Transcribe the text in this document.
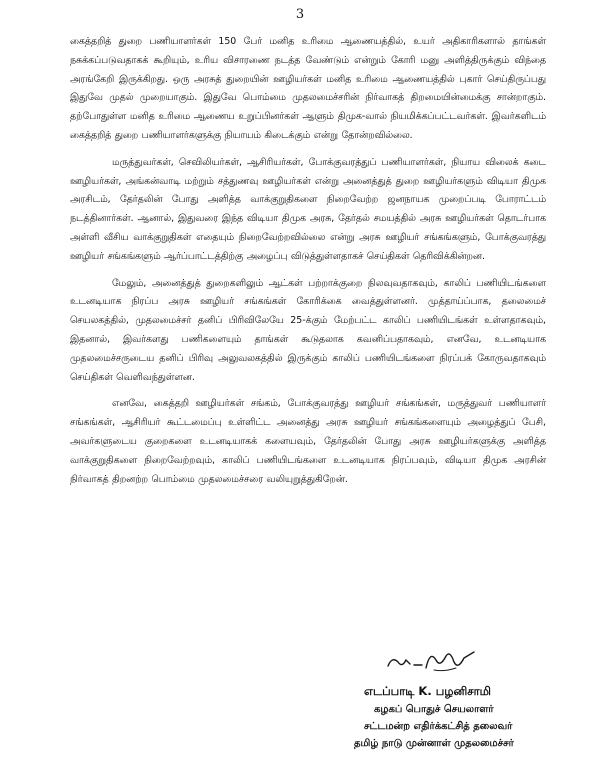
3

கைத்தறித் துறை பணியாளர்கள் 150 பேர் மனித உரிமை ஆணையத்தில், உயர் அதிகாரிகளால் தாங்கள் நசுக்கப்படுவதாகக் கூறியும், உரிய விசாரணை நடத்த வேண்டும் என்றும் கோரி மனு அளித்திருக்கும் விந்தை அரங்கேறி இருக்கிறது. ஒரு அரசுத் துறையின் ஊழியர்கள் மனித உரிமை ஆணையத்தில் புகார் செய்திருப்பது இதுவே முதல் முறையாகும். இதுவே பொம்மை முதலமைச்சரின் நிர்வாகத் திறமையின்மைக்கு சான்றாகும். தற்போதுள்ள மனித உரிமை ஆணைய உறுப்பினர்கள் ஆளும் திமுக-வால் நியமிக்கப்பட்டவர்கள். இவர்களிடம் கைத்தறித் துறை பணியாளர்களுக்கு நியாயம் கிடைக்கும் என்று தோன்றவில்லை.

மருத்துவர்கள், செவிலியர்கள், ஆசிரியர்கள், போக்குவரத்துப் பணியாளர்கள், நியாய விலைக் கடை ஊழியர்கள், அங்கன்வாடி மற்றும் சத்துணவு ஊழியர்கள் என்று அனைத்துத் துறை ஊழியர்களும் விடியா திமுக அரசிடம், தேர்தலின் போது அளித்த வாக்குறுதிகளை நிறைவேற்ற ஜனநாயக முறைப்படி போராட்டம் நடத்தினார்கள். ஆனால், இதுவரை இந்த விடியா திமுக அரசு, தேர்தல் சமயத்தில் அரசு ஊழியர்கள் தொடர்பாக அள்ளி வீசிய வாக்குறுதிகள் எதையும் நிறைவேற்றவில்லை என்று அரசு ஊழியர் சங்கங்களும், போக்குவரத்து ஊழியர் சங்கங்களும் ஆர்ப்பாட்டத்திற்கு அழைப்பு விடுத்துள்ளதாகச் செய்திகள் தெரிவிக்கின்றன.

மேலும், அனைத்துத் துறைகளிலும் ஆட்கள் பற்றாக்குறை நிலவுவதாகவும், காலிப் பணியிடங்களை உடனடியாக நிரப்ப அரசு ஊழியர் சங்கங்கள் கோரிக்கை வைத்துள்ளனர். முத்தாய்ப்பாக, தலைமைச் செயலகத்தில், முதலமைச்சர் தனிப் பிரிவிலேயே 25-க்கும் மேற்பட்ட காலிப் பணியிடங்கள் உள்ளதாகவும், இதனால், இவர்களது பணிகளையும் தாங்கள் கூடுதலாக கவனிப்பதாகவும், எனவே, உடனடியாக முதலமைச்சருடைய தனிப் பிரிவு அலுவலகத்தில் இருக்கும் காலிப் பணியிடங்களை நிரப்பக் கோருவதாகவும் செய்திகள் வெளிவந்துள்ளன.

எனவே, கைத்தறி ஊழியர்கள் சங்கம், போக்குவரத்து ஊழியர் சங்கங்கள், மருத்துவர் பணியாளர் சங்கங்கள், ஆசிரியர் கூட்டமைப்பு உள்ளிட்ட அனைத்து அரசு ஊழியர் சங்கங்களையும் அழைத்துப் பேசி, அவர்களுடைய குறைகளை உடனடியாகக் களையவும், தேர்தலின் போது அரசு ஊழியர்களுக்கு அளித்த வாக்குறுதிகளை நிறைவேற்றவும், காலிப் பணியிடங்களை உடனடியாக நிரப்பவும், விடியா திமுக அரசின் நிர்வாகத் திறனற்ற பொம்மை முதலமைச்சரை வலியுறுத்துகிறேன்.

எடப்பாடி K. பழனிசாமி
கழகப் பொதுச் செயலாளர்
சட்டமன்ற எதிர்க்கட்சித் தலைவர்
தமிழ் நாடு முன்னாள் முதலமைச்சர்
